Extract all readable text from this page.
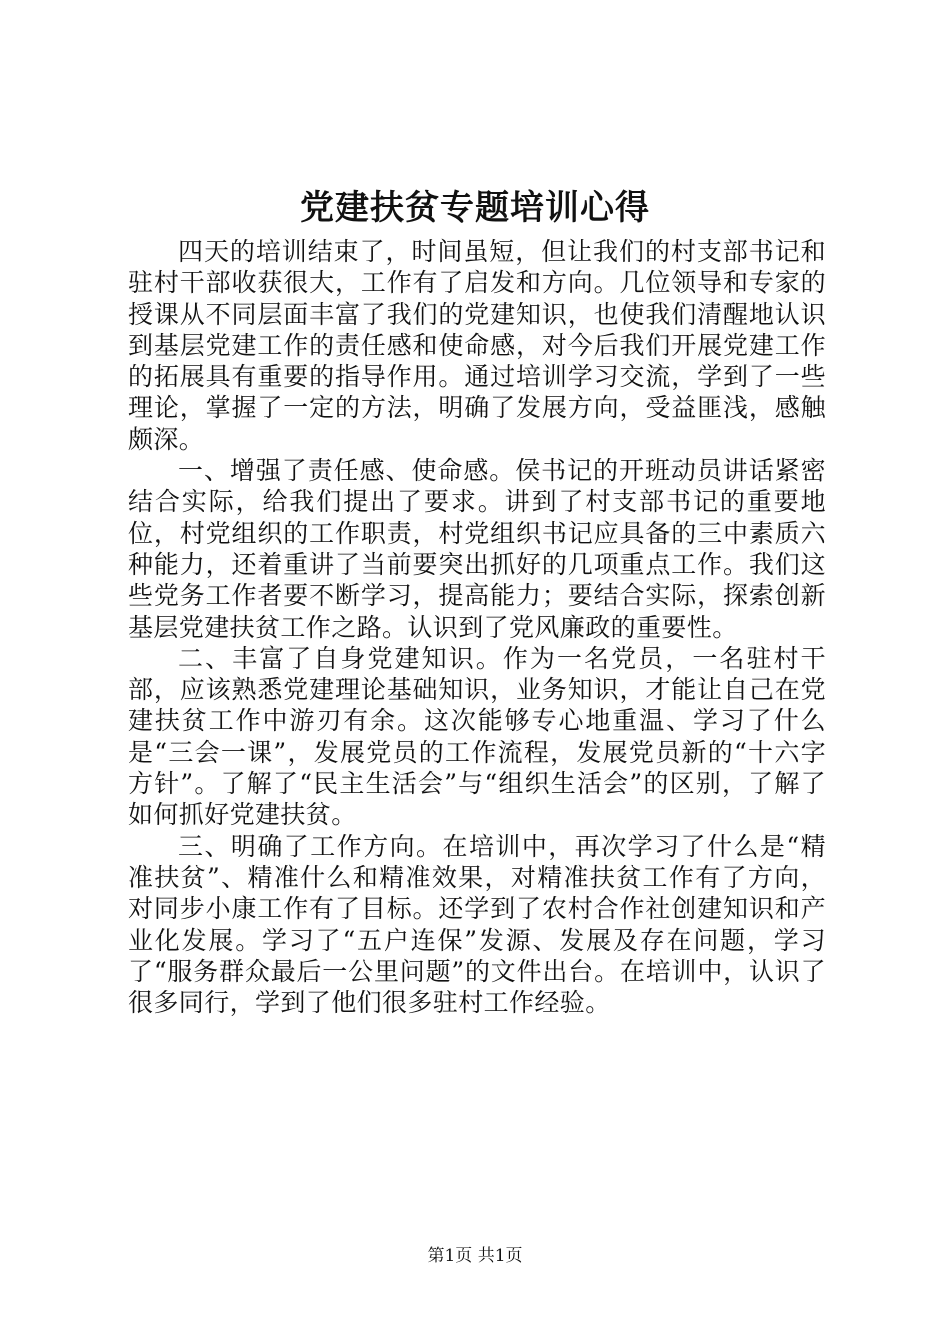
党建扶贫专题培训心得

四天的培训结束了，时间虽短，但让我们的村支部书记和驻村干部收获很大，工作有了启发和方向。几位领导和专家的授课从不同层面丰富了我们的党建知识，也使我们清醒地认识到基层党建工作的责任感和使命感，对今后我们开展党建工作的拓展具有重要的指导作用。通过培训学习交流，学到了一些理论，掌握了一定的方法，明确了发展方向，受益匪浅，感触颇深。

一、增强了责任感、使命感。侯书记的开班动员讲话紧密结合实际，给我们提出了要求。讲到了村支部书记的重要地位，村党组织的工作职责，村党组织书记应具备的三中素质六种能力，还着重讲了当前要突出抓好的几项重点工作。我们这些党务工作者要不断学习，提高能力；要结合实际，探索创新基层党建扶贫工作之路。认识到了党风廉政的重要性。

二、丰富了自身党建知识。作为一名党员，一名驻村干部，应该熟悉党建理论基础知识，业务知识，才能让自己在党建扶贫工作中游刃有余。这次能够专心地重温、学习了什么是“三会一课”，发展党员的工作流程，发展党员新的“十六字方针”。了解了“民主生活会”与“组织生活会”的区别，了解了如何抓好党建扶贫。

三、明确了工作方向。在培训中，再次学习了什么是“精准扶贫”、精准什么和精准效果，对精准扶贫工作有了方向，对同步小康工作有了目标。还学到了农村合作社创建知识和产业化发展。学习了“五户连保”发源、发展及存在问题，学习了“服务群众最后一公里问题”的文件出台。在培训中，认识了很多同行，学到了他们很多驻村工作经验。

第1页 共1页
